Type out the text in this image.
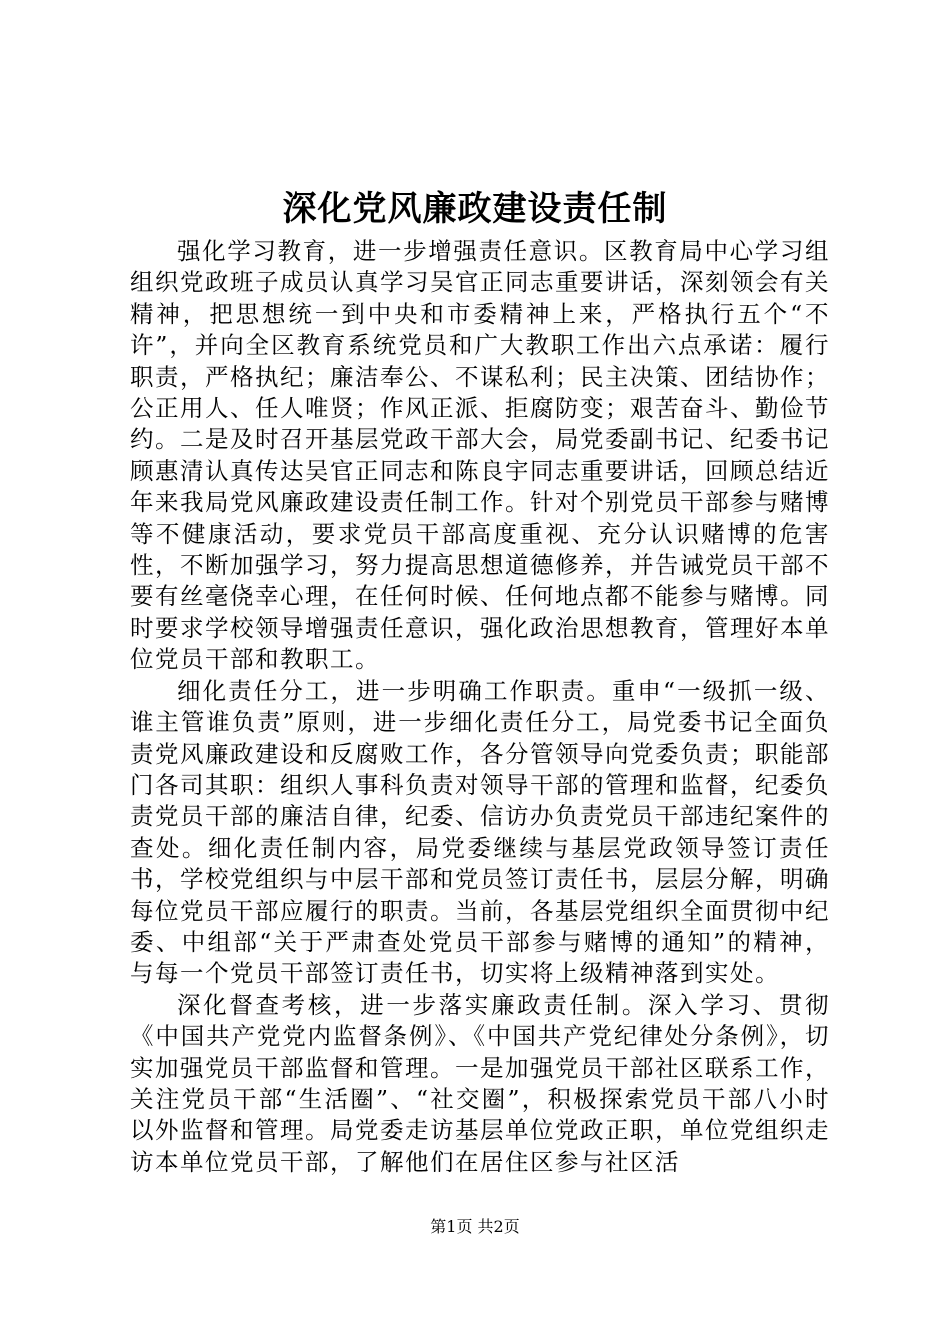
深化党风廉政建设责任制

强化学习教育，进一步增强责任意识。区教育局中心学习组组织党政班子成员认真学习吴官正同志重要讲话，深刻领会有关精神，把思想统一到中央和市委精神上来，严格执行五个“不许”，并向全区教育系统党员和广大教职工作出六点承诺：履行职责，严格执纪；廉洁奉公、不谋私利；民主决策、团结协作；公正用人、任人唯贤；作风正派、拒腐防变；艰苦奋斗、勤俭节约。二是及时召开基层党政干部大会，局党委副书记、纪委书记顾惠清认真传达吴官正同志和陈良宇同志重要讲话，回顾总结近年来我局党风廉政建设责任制工作。针对个别党员干部参与赌博等不健康活动，要求党员干部高度重视、充分认识赌博的危害性，不断加强学习，努力提高思想道德修养，并告诫党员干部不要有丝毫侥幸心理，在任何时候、任何地点都不能参与赌博。同时要求学校领导增强责任意识，强化政治思想教育，管理好本单位党员干部和教职工。

细化责任分工，进一步明确工作职责。重申“一级抓一级、谁主管谁负责”原则，进一步细化责任分工，局党委书记全面负责党风廉政建设和反腐败工作，各分管领导向党委负责；职能部门各司其职：组织人事科负责对领导干部的管理和监督，纪委负责党员干部的廉洁自律，纪委、信访办负责党员干部违纪案件的查处。细化责任制内容，局党委继续与基层党政领导签订责任书，学校党组织与中层干部和党员签订责任书，层层分解，明确每位党员干部应履行的职责。当前，各基层党组织全面贯彻中纪委、中组部“关于严肃查处党员干部参与赌博的通知”的精神，与每一个党员干部签订责任书，切实将上级精神落到实处。

深化督查考核，进一步落实廉政责任制。深入学习、贯彻《中国共产党党内监督条例》、《中国共产党纪律处分条例》，切实加强党员干部监督和管理。一是加强党员干部社区联系工作，关注党员干部“生活圈”、“社交圈”，积极探索党员干部八小时以外监督和管理。局党委走访基层单位党政正职，单位党组织走访本单位党员干部，了解他们在居住区参与社区活

第1页 共2页
